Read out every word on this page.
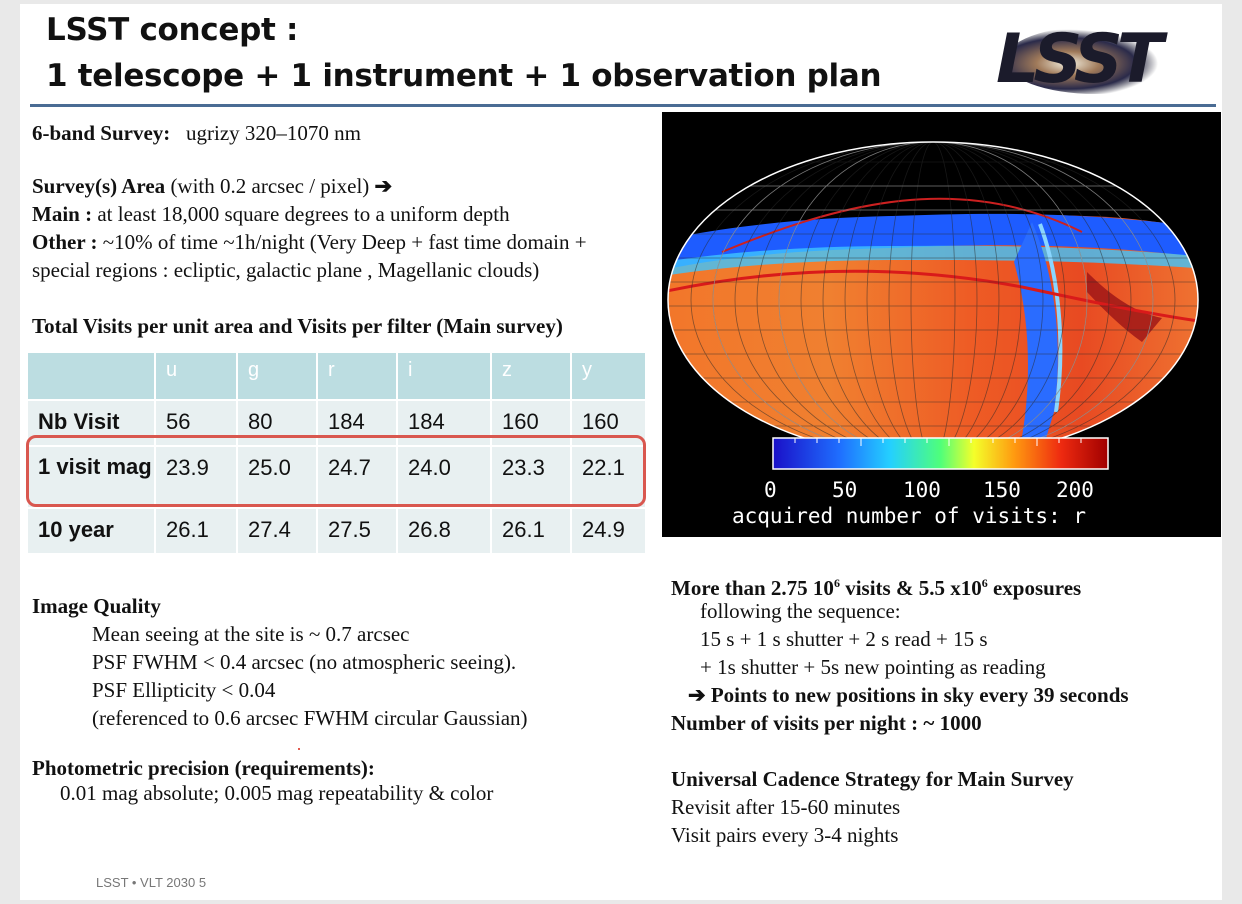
LSST concept :
1 telescope + 1 instrument + 1 observation plan LSST
6-band Survey: ugrizy 320–1070 nm
Survey(s) Area (with 0.2 arcsec / pixel) ➔
Main : at least 18,000 square degrees to a uniform depth
Other : ~10% of time ~1h/night (Very Deep + fast time domain +
special regions : ecliptic, galactic plane , Magellanic clouds)
Total Visits per unit area and Visits per filter (Main survey)
	u	g	r	i	z	y
Nb Visit	56	80	184	184	160	160
1 visit mag	23.9	25.0	24.7	24.0	23.3	22.1
10 year	26.1	27.4	27.5	26.8	26.1	24.9
Image Quality
Mean seeing at the site is ~ 0.7 arcsec
PSF FWHM < 0.4 arcsec (no atmospheric seeing).
PSF Ellipticity < 0.04
(referenced to 0.6 arcsec FWHM circular Gaussian)
Photometric precision (requirements):
0.01 mag absolute; 0.005 mag repeatability & color
0	50 100 150 200
acquired number of visits: r
More than 2.75 $10^6$ visits & 5.5 $x10^6$ exposures
following the sequence:
15 s + 1 s shutter + 2 s read + 15 s
+ 1s shutter + 5s new pointing as reading
➔ Points to new positions in sky every 39 seconds
Number of visits per night : ~ 1000
Universal Cadence Strategy for Main Survey
Revisit after 15-60 minutes
Visit pairs every 3-4 nights
LSST • VLT 2030 5
